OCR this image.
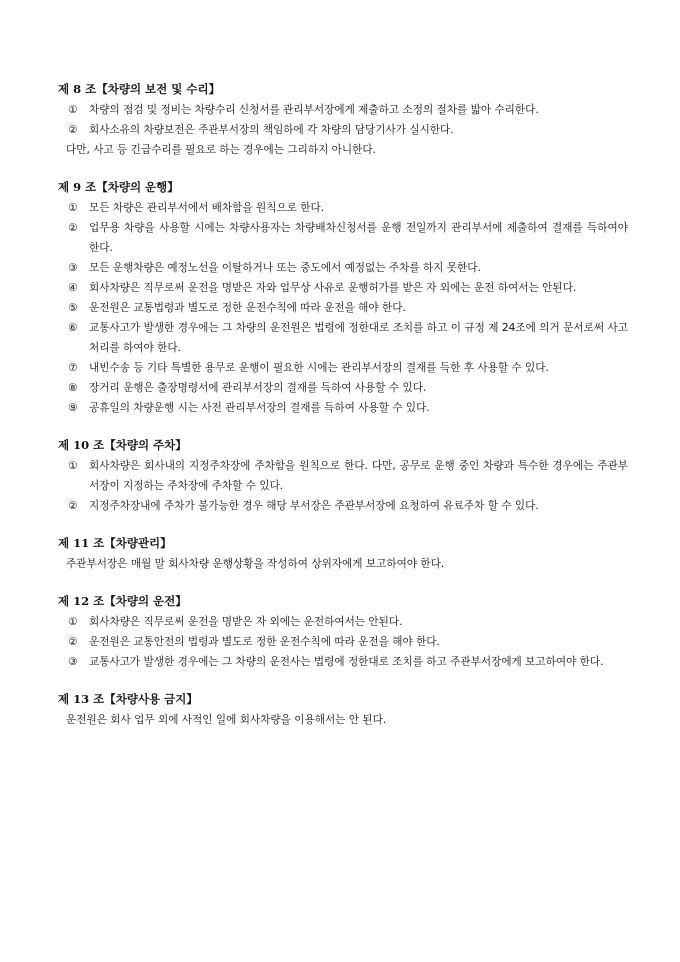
제 8 조【차량의 보전 및 수리】
① 차량의 점검 및 정비는 차량수리 신청서를 관리부서장에게 제출하고 소정의 절차를 밟아 수리한다.
② 회사소유의 차량보전은 주관부서장의 책임하에 각 차량의 담당기사가 실시한다.
다만, 사고 등 긴급수리를 필요로 하는 경우에는 그리하지 아니한다.
제 9 조【차량의 운행】
① 모든 차량은 관리부서에서 배차함을 원칙으로 한다.
② 업무용 차량을 사용할 시에는 차량사용자는 차량배차신청서를 운행 전일까지 관리부서에 제출하여 결재를 득하여야 한다.
③ 모든 운행차량은 예정노선을 이탈하거나 또는 중도에서 예정없는 주차를 하지 못한다.
④ 회사차량은 직무로써 운전을 명받은 자와 업무상 사유로 운행허가를 받은 자 외에는 운전 하여서는 안된다.
⑤ 운전원은 교통법령과 별도로 정한 운전수칙에 따라 운전을 해야 한다.
⑥ 교통사고가 발생한 경우에는 그 차량의 운전원은 법령에 정한대로 조치를 하고 이 규정 제 24조에 의거 문서로써 사고처리를 하여야 한다.
⑦ 내빈수송 등 기타 특별한 용무로 운행이 필요한 시에는 관리부서장의 결재를 득한 후 사용할 수 있다.
⑧ 장거리 운행은 출장명령서에 관리부서장의 결재를 득하여 사용할 수 있다.
⑨ 공휴일의 차량운행 시는 사전 관리부서장의 결재를 득하여 사용할 수 있다.
제 10 조【차량의 주차】
① 회사차량은 회사내의 지정주차장에 주차함을 원칙으로 한다. 다만, 공무로 운행 중인 차량과 특수한 경우에는 주관부서장이 지정하는 주차장에 주차할 수 있다.
② 지정주차장내에 주차가 불가능한 경우 해당 부서장은 주관부서장에 요청하여 유료주차 할 수 있다.
제 11 조【차량관리】
주관부서장은 매월 말 회사차량 운행상황을 작성하여 상위자에게 보고하여야 한다.
제 12 조【차량의 운전】
① 회사차량은 직무로써 운전을 명받은 자 외에는 운전하여서는 안된다.
② 운전원은 교통안전의 법령과 별도로 정한 운전수칙에 따라 운전을 해야 한다.
③ 교통사고가 발생한 경우에는 그 차량의 운전사는 법령에 정한대로 조치를 하고 주관부서장에게 보고하여야 한다.
제 13 조【차량사용 금지】
운전원은 회사 업무 외에 사적인 일에 회사차량을 이용해서는 안 된다.
